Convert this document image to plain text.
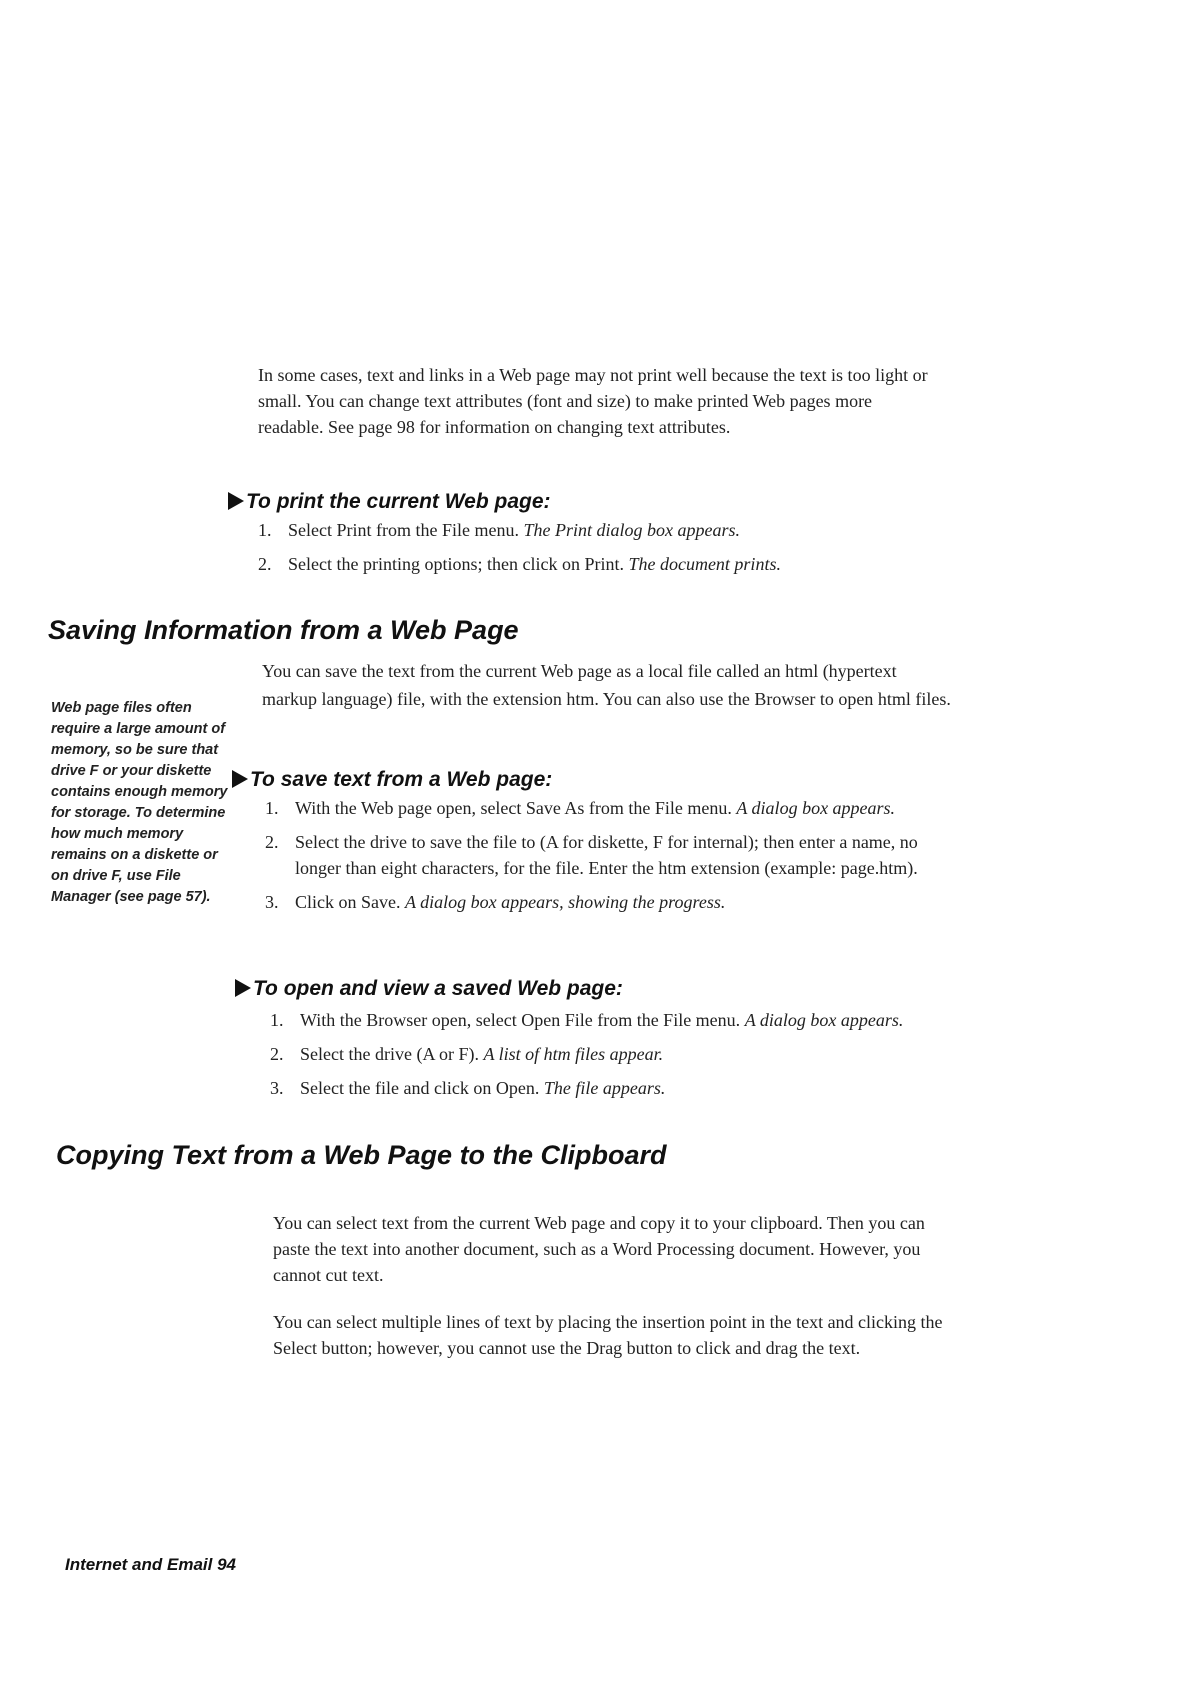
In some cases, text and links in a Web page may not print well because the text is too light or small. You can change text attributes (font and size) to make printed Web pages more readable. See page 98 for information on changing text attributes.
To print the current Web page:
1. Select Print from the File menu. The Print dialog box appears.
2. Select the printing options; then click on Print. The document prints.
Saving Information from a Web Page
You can save the text from the current Web page as a local file called an html (hypertext markup language) file, with the extension htm. You can also use the Browser to open html files.
Web page files often require a large amount of memory, so be sure that drive F or your diskette contains enough memory for storage. To determine how much memory remains on a diskette or on drive F, use File Manager (see page 57).
To save text from a Web page:
1. With the Web page open, select Save As from the File menu. A dialog box appears.
2. Select the drive to save the file to (A for diskette, F for internal); then enter a name, no longer than eight characters, for the file. Enter the htm extension (example: page.htm).
3. Click on Save. A dialog box appears, showing the progress.
To open and view a saved Web page:
1. With the Browser open, select Open File from the File menu. A dialog box appears.
2. Select the drive (A or F). A list of htm files appear.
3. Select the file and click on Open. The file appears.
Copying Text from a Web Page to the Clipboard
You can select text from the current Web page and copy it to your clipboard. Then you can paste the text into another document, such as a Word Processing document. However, you cannot cut text.
You can select multiple lines of text by placing the insertion point in the text and clicking the Select button; however, you cannot use the Drag button to click and drag the text.
Internet and Email 94
